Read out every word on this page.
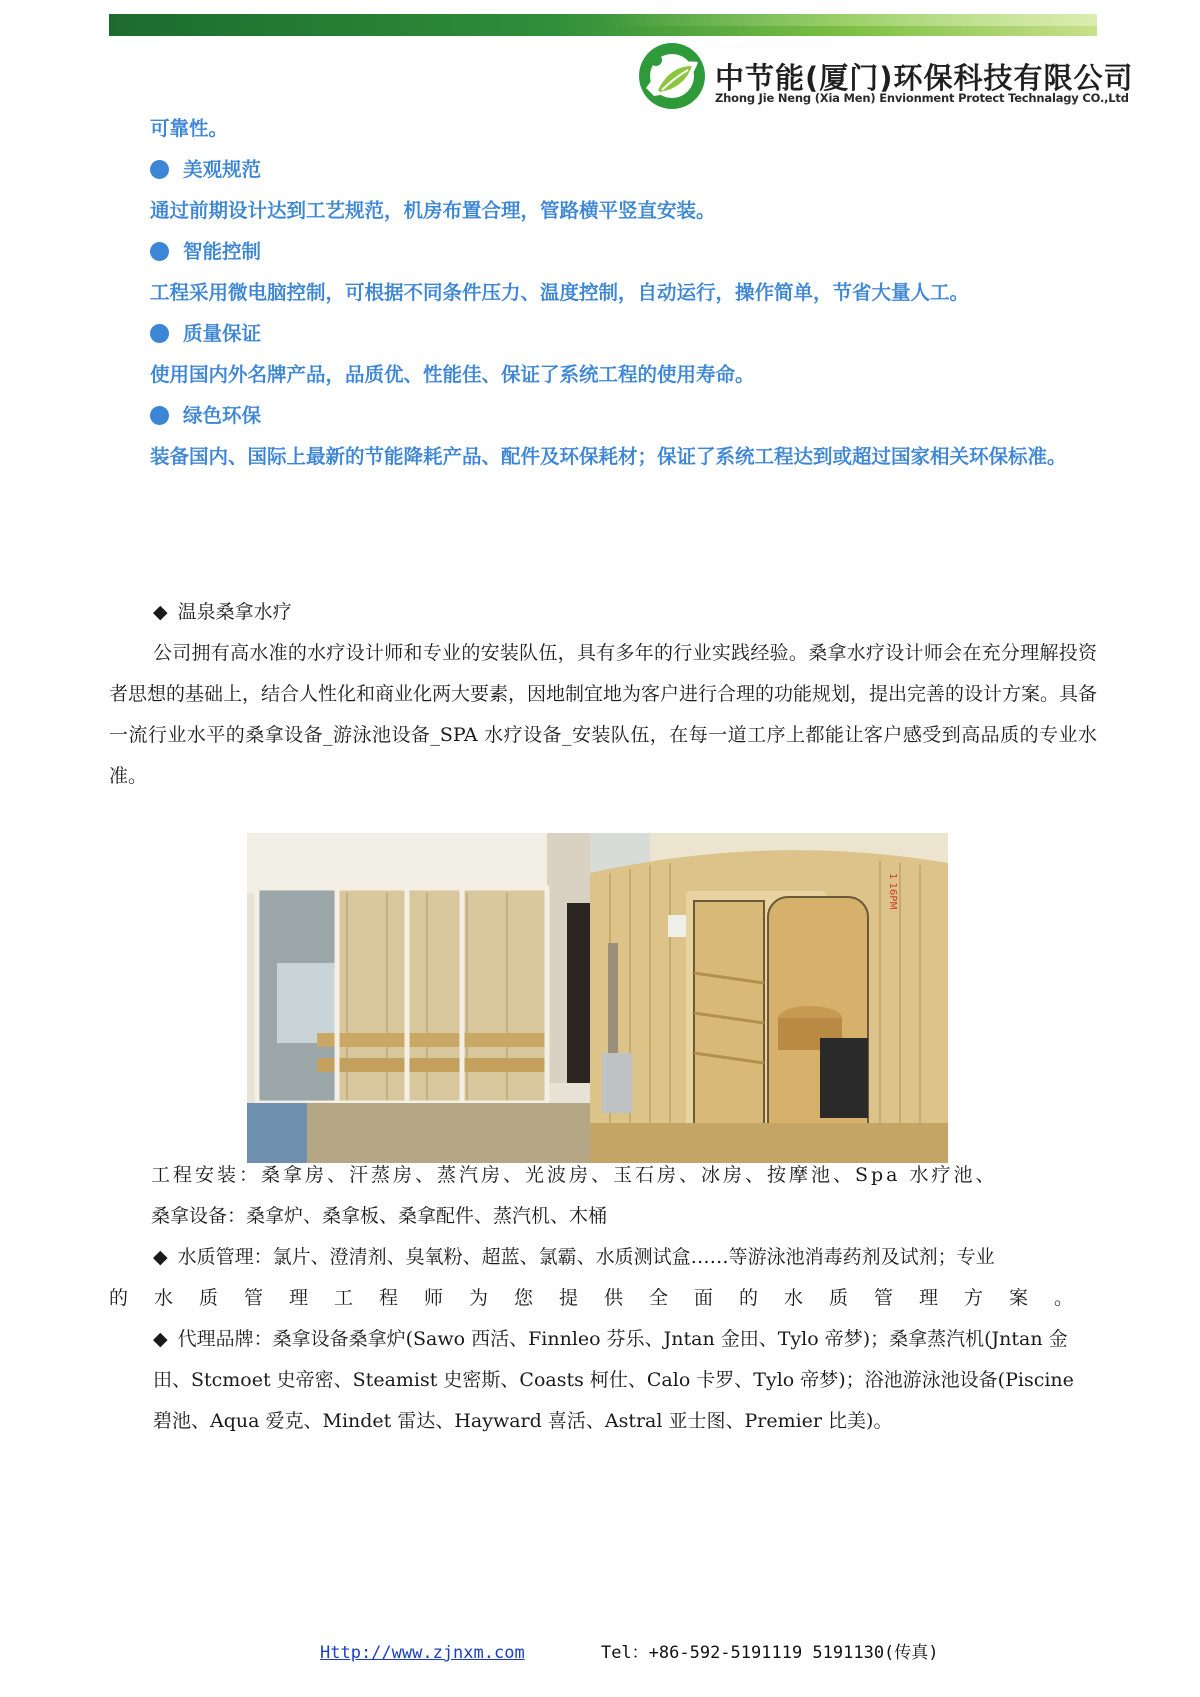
中节能(厦门)环保科技有限公司
Zhong Jie Neng (Xia Men) Envionment Protect Technalagy CO.,Ltd
可靠性。
美观规范
通过前期设计达到工艺规范，机房布置合理，管路横平竖直安装。
智能控制
工程采用微电脑控制，可根据不同条件压力、温度控制，自动运行，操作简单，节省大量人工。
质量保证
使用国内外名牌产品，品质优、性能佳、保证了系统工程的使用寿命。
绿色环保
装备国内、国际上最新的节能降耗产品、配件及环保耗材；保证了系统工程达到或超过国家相关环保标准。
◆ 温泉桑拿水疗
公司拥有高水准的水疗设计师和专业的安装队伍，具有多年的行业实践经验。桑拿水疗设计师会在充分理解投资者思想的基础上，结合人性化和商业化两大要素，因地制宜地为客户进行合理的功能规划，提出完善的设计方案。具备一流行业水平的桑拿设备_游泳池设备_SPA 水疗设备_安装队伍，在每一道工序上都能让客户感受到高品质的专业水准。
1 16PM
工程安装：桑拿房、汗蒸房、蒸汽房、光波房、玉石房、冰房、按摩池、Spa 水疗池、
桑拿设备：桑拿炉、桑拿板、桑拿配件、蒸汽机、木桶
◆ 水质管理：氯片、澄清剂、臭氧粉、超蓝、氯霸、水质测试盒……等游泳池消毒药剂及试剂；专业
的水质管理工程师为您提供全面的水质管理方案。
◆ 代理品牌：桑拿设备桑拿炉(Sawo 西活、Finnleo 芬乐、Jntan 金田、Tylo 帝梦)；桑拿蒸汽机(Jntan 金田、Stcmoet 史帝密、Steamist 史密斯、Coasts 柯仕、Calo 卡罗、Tylo 帝梦)；浴池游泳池设备(Piscine 碧池、Aqua 爱克、Mindet 雷达、Hayward 喜活、Astral 亚士图、Premier 比美)。
Http://www.zjnxm.com	Tel：+86-592-5191119 5191130(传真)
